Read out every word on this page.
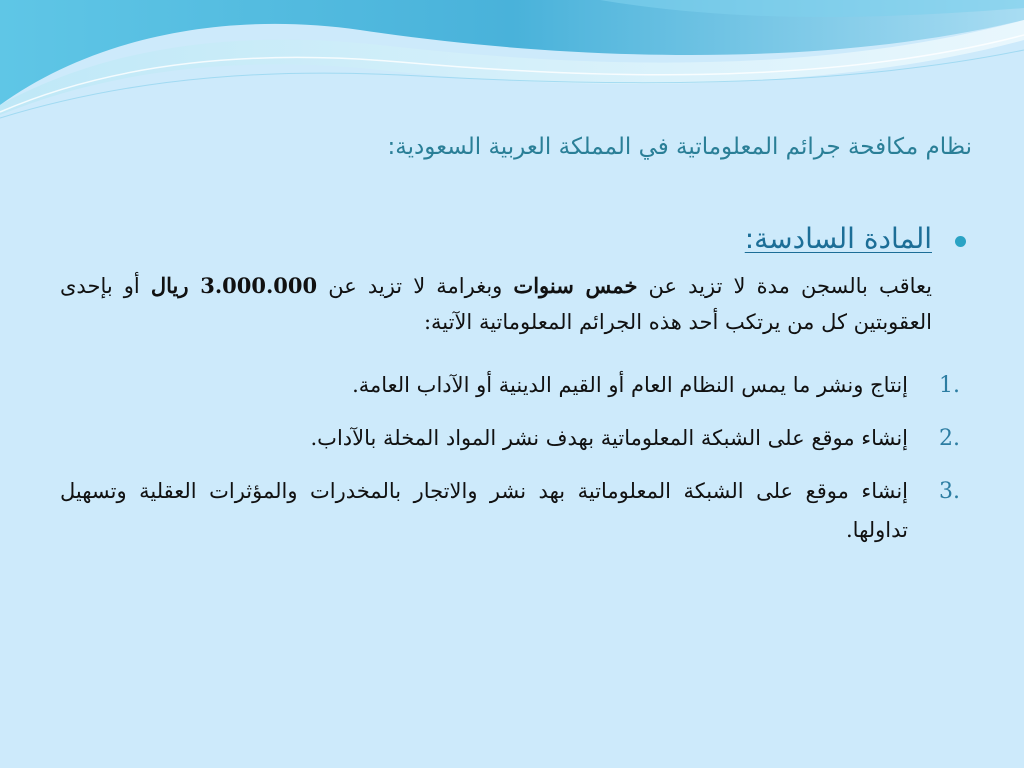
نظام مكافحة جرائم المعلوماتية في المملكة العربية السعودية:
المادة السادسة:
يعاقب بالسجن مدة لا تزيد عن خمس سنوات وبغرامة لا تزيد عن 3.000.000 ريال أو بإحدى العقوبتين كل من يرتكب أحد هذه الجرائم المعلوماتية الآتية:
1.
إنتاج ونشر ما يمس النظام العام أو القيم الدينية أو الآداب العامة.
2.
إنشاء موقع على الشبكة المعلوماتية بهدف نشر المواد المخلة بالآداب.
3.
إنشاء موقع على الشبكة المعلوماتية بهد نشر والاتجار بالمخدرات والمؤثرات العقلية وتسهيل تداولها.
